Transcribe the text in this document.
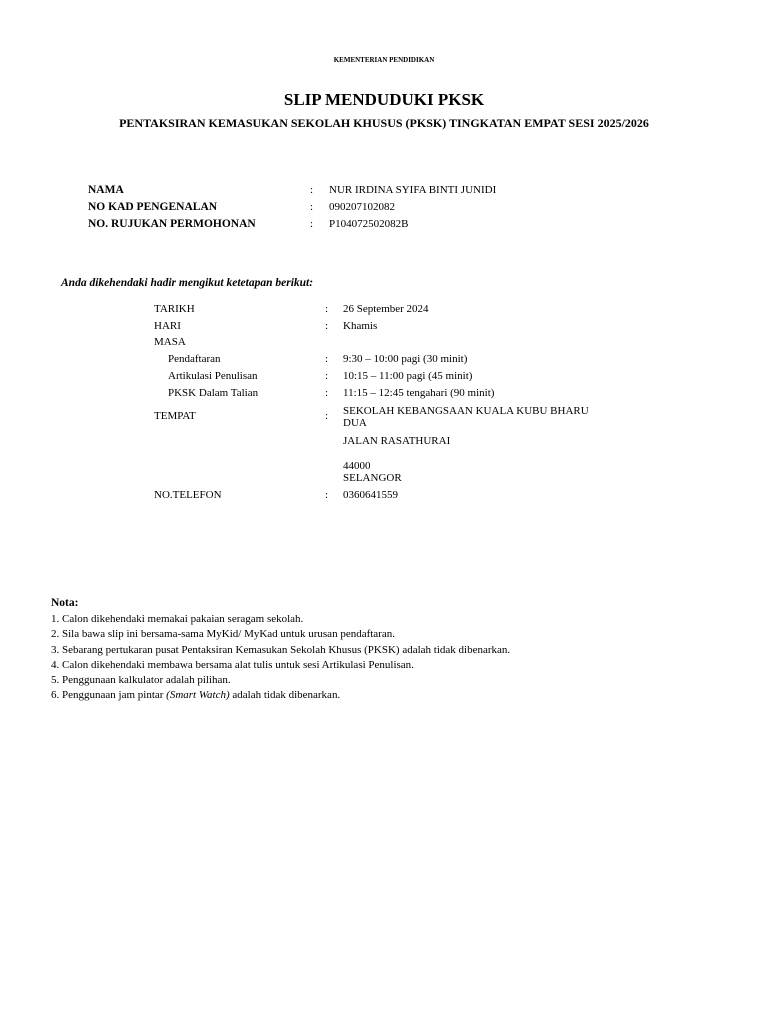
KEMENTERIAN PENDIDIKAN
SLIP MENDUDUKI PKSK
PENTAKSIRAN KEMASUKAN SEKOLAH KHUSUS (PKSK) TINGKATAN EMPAT SESI 2025/2026
NAMA	: NUR IRDINA SYIFA BINTI JUNIDI
NO KAD PENGENALAN	: 090207102082
NO. RUJUKAN PERMOHONAN	: P104072502082B
Anda dikehendaki hadir mengikut ketetapan berikut:
TARIKH	: 26 September 2024
HARI	: Khamis
MASA
Pendaftaran	: 9:30 – 10:00 pagi (30 minit)
Artikulasi Penulisan	: 10:15 – 11:00 pagi (45 minit)
PKSK Dalam Talian	: 11:15 – 12:45 tengahari (90 minit)
TEMPAT	: SEKOLAH KEBANGSAAN KUALA KUBU BHARU DUA
JALAN RASATHURAI
44000
SELANGOR
NO.TELEFON	: 0360641559
Nota:
1. Calon dikehendaki memakai pakaian seragam sekolah.
2. Sila bawa slip ini bersama-sama MyKid/ MyKad untuk urusan pendaftaran.
3. Sebarang pertukaran pusat Pentaksiran Kemasukan Sekolah Khusus (PKSK) adalah tidak dibenarkan.
4. Calon dikehendaki membawa bersama alat tulis untuk sesi Artikulasi Penulisan.
5. Penggunaan kalkulator adalah pilihan.
6. Penggunaan jam pintar (Smart Watch) adalah tidak dibenarkan.
